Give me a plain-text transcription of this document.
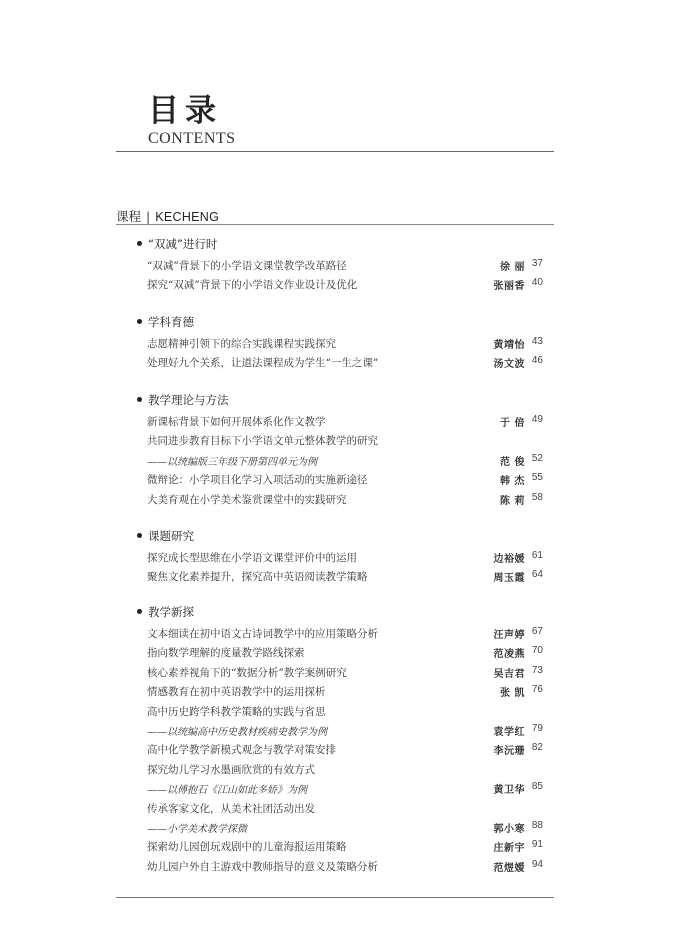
目录
CONTENTS
课程 | KECHENG
“双减”进行时
“双减”背景下的小学语文课堂教学改革路径	徐 丽 37
探究“双减”背景下的小学语文作业设计及优化	张丽香 40
学科育德
志愿精神引领下的综合实践课程实践探究	黄靖怡 43
处理好九个关系，让道法课程成为学生“一生之课”	汤文波 46
教学理论与方法
新课标背景下如何开展体系化作文教学	于 倍 49
共同进步教育目标下小学语文单元整体教学的研究
——以统编版三年级下册第四单元为例	范 俊 52
微辩论：小学项目化学习入项活动的实施新途径	韩 杰 55
大美育观在小学美术鉴赏课堂中的实践研究	陈 莉 58
课题研究
探究成长型思维在小学语文课堂评价中的运用	边裕媛 61
聚焦文化素养提升，探究高中英语阅读教学策略	周玉霞 64
教学新探
文本细读在初中语文古诗词教学中的应用策略分析	汪声婷 67
指向数学理解的度量教学路线探索	范凌燕 70
核心素养视角下的“数据分析”教学案例研究	吴吉君 73
情感教育在初中英语教学中的运用探析	张 凯 76
高中历史跨学科教学策略的实践与省思
——以统编高中历史教材疾病史教学为例	袁学红 79
高中化学教学新模式观念与教学对策安排	李沅珊 82
探究幼儿学习水墨画欣赏的有效方式
——以傅抱石《江山如此多娇》为例	黄卫华 85
传承客家文化，从美术社团活动出发
——小学美术教学探微	郭小寒 88
探索幼儿园创玩戏剧中的儿童海报运用策略	庄新宇 91
幼儿园户外自主游戏中教师指导的意义及策略分析	范煜嫒 94
